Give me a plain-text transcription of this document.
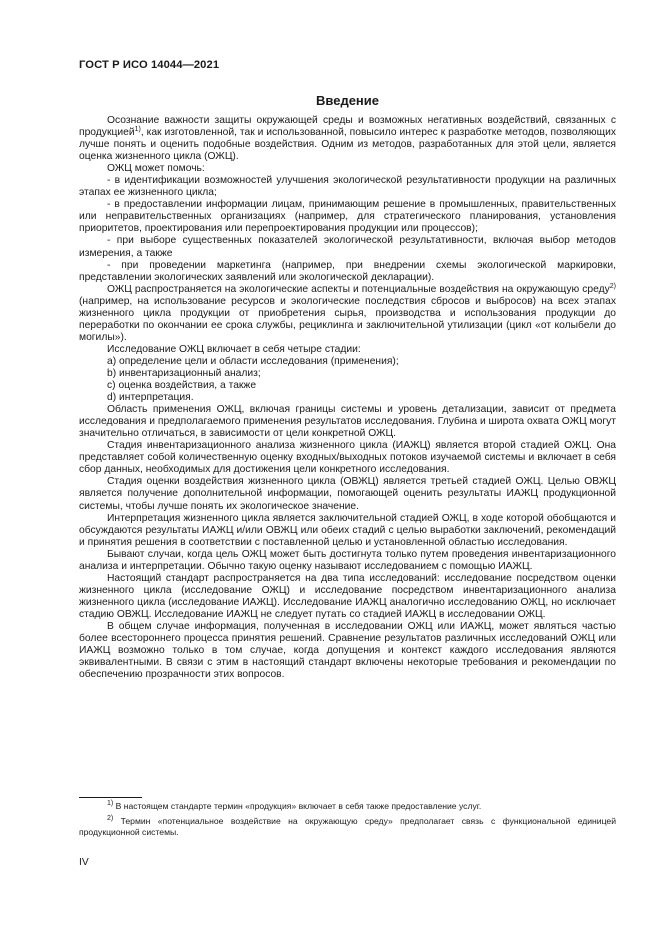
ГОСТ Р ИСО 14044—2021
Введение

Осознание важности защиты окружающей среды и возможных негативных воздействий, связанных с продукцией$^{1)}$, как изготовленной, так и использованной, повысило интерес к разработке методов, позволяющих лучше понять и оценить подобные воздействия. Одним из методов, разработанных для этой цели, является оценка жизненного цикла (ОЖЦ).

ОЖЦ может помочь:

- в идентификации возможностей улучшения экологической результативности продукции на различных этапах ее жизненного цикла;

- в предоставлении информации лицам, принимающим решение в промышленных, правительственных или неправительственных организациях (например, для стратегического планирования, установления приоритетов, проектирования или перепроектирования продукции или процессов);

- при выборе существенных показателей экологической результативности, включая выбор методов измерения, а также

- при проведении маркетинга (например, при внедрении схемы экологической маркировки, представлении экологических заявлений или экологической декларации).

ОЖЦ распространяется на экологические аспекты и потенциальные воздействия на окружающую среду$^{2)}$ (например, на использование ресурсов и экологические последствия сбросов и выбросов) на всех этапах жизненного цикла продукции от приобретения сырья, производства и использования продукции до переработки по окончании ее срока службы, рециклинга и заключительной утилизации (цикл «от колыбели до могилы»).

Исследование ОЖЦ включает в себя четыре стадии:

a) определение цели и области исследования (применения);

b) инвентаризационный анализ;

c) оценка воздействия, а также

d) интерпретация.

Область применения ОЖЦ, включая границы системы и уровень детализации, зависит от предмета исследования и предполагаемого применения результатов исследования. Глубина и широта охвата ОЖЦ могут значительно отличаться, в зависимости от цели конкретной ОЖЦ.

Стадия инвентаризационного анализа жизненного цикла (ИАЖЦ) является второй стадией ОЖЦ. Она представляет собой количественную оценку входных/выходных потоков изучаемой системы и включает в себя сбор данных, необходимых для достижения цели конкретного исследования.

Стадия оценки воздействия жизненного цикла (ОВЖЦ) является третьей стадией ОЖЦ. Целью ОВЖЦ является получение дополнительной информации, помогающей оценить результаты ИАЖЦ продукционной системы, чтобы лучше понять их экологическое значение.

Интерпретация жизненного цикла является заключительной стадией ОЖЦ, в ходе которой обобщаются и обсуждаются результаты ИАЖЦ и/или ОВЖЦ или обеих стадий с целью выработки заключений, рекомендаций и принятия решения в соответствии с поставленной целью и установленной областью исследования.

Бывают случаи, когда цель ОЖЦ может быть достигнута только путем проведения инвентаризационного анализа и интерпретации. Обычно такую оценку называют исследованием с помощью ИАЖЦ.

Настоящий стандарт распространяется на два типа исследований: исследование посредством оценки жизненного цикла (исследование ОЖЦ) и исследование посредством инвентаризационного анализа жизненного цикла (исследование ИАЖЦ). Исследование ИАЖЦ аналогично исследованию ОЖЦ, но исключает стадию ОВЖЦ. Исследование ИАЖЦ не следует путать со стадией ИАЖЦ в исследовании ОЖЦ.

В общем случае информация, полученная в исследовании ОЖЦ или ИАЖЦ, может являться частью более всестороннего процесса принятия решений. Сравнение результатов различных исследований ОЖЦ или ИАЖЦ возможно только в том случае, когда допущения и контекст каждого исследования являются эквивалентными. В связи с этим в настоящий стандарт включены некоторые требования и рекомендации по обеспечению прозрачности этих вопросов.

$^{1)}$ В настоящем стандарте термин «продукция» включает в себя также предоставление услуг.

$^{2)}$ Термин «потенциальное воздействие на окружающую среду» предполагает связь с функциональной единицей продукционной системы.

IV
